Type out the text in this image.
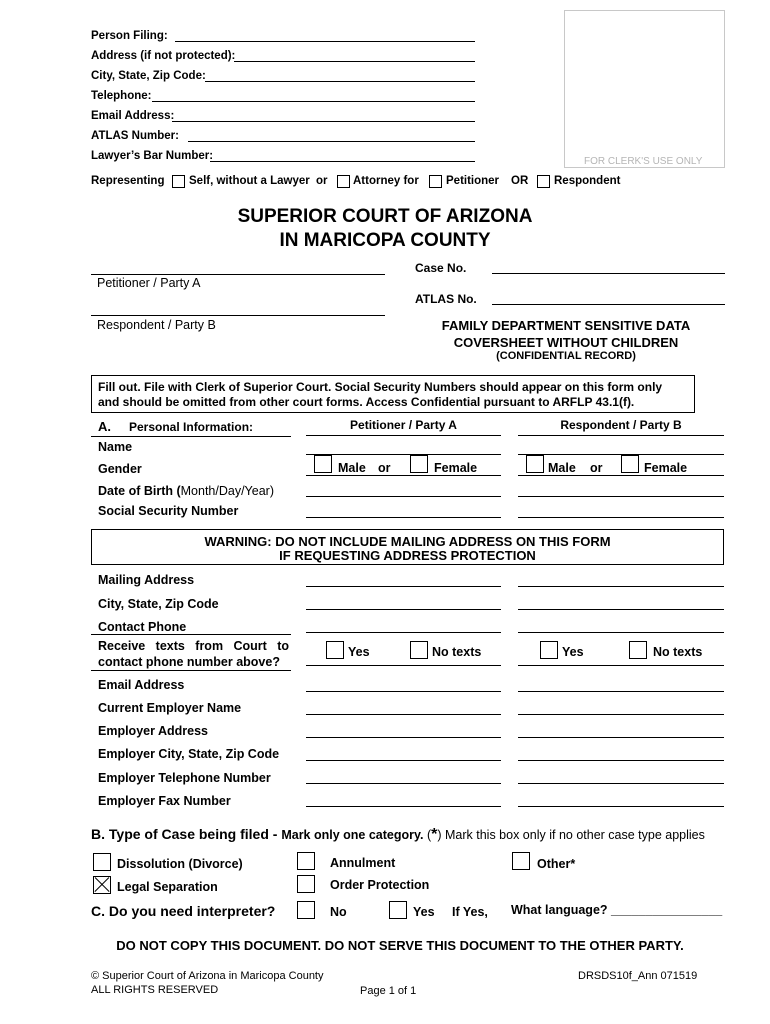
Person Filing:
Address (if not protected):
City, State, Zip Code:
Telephone:
Email Address:
ATLAS Number:
Lawyer’s Bar Number:	FOR CLERK'S USE ONLY
Representing Self, without a Lawyer or Attorney for Petitioner OR Respondent
SUPERIOR COURT OF ARIZONA
IN MARICOPA COUNTY
Petitioner / Party A
Respondent / Party B
Case No.
ATLAS No.
FAMILY DEPARTMENT SENSITIVE DATA
COVERSHEET WITHOUT CHILDREN
(CONFIDENTIAL RECORD)
Fill out. File with Clerk of Superior Court. Social Security Numbers should appear on this form only
and should be omitted from other court forms. Access Confidential pursuant to ARFLP 43.1(f).
A. Personal Information:	Petitioner / Party A	Respondent / Party B
Name
Gender	Male or	Female	Male or	Female
Date of Birth (Month/Day/Year)
Social Security Number
WARNING: DO NOT INCLUDE MAILING ADDRESS ON THIS FORM
IF REQUESTING ADDRESS PROTECTION
Mailing Address
City, State, Zip Code
Contact Phone
Receive   texts   from   Court   to
contact phone number above?
Yes	No texts	Yes	No texts
Email Address
Current Employer Name
Employer Address
Employer City, State, Zip Code
Employer Telephone Number
Employer Fax Number
B. Type of Case being filed - Mark only one category. (*) Mark this box only if no other case type applies
Dissolution (Divorce)
Legal Separation
Annulment
Order Protection
Other*
C. Do you need interpreter?	No	Yes If Yes, What language? ________________
DO NOT COPY THIS DOCUMENT. DO NOT SERVE THIS DOCUMENT TO THE OTHER PARTY.
© Superior Court of Arizona in Maricopa County
ALL RIGHTS RESERVED	Page 1 of 1
DRSDS10f_Ann 071519
